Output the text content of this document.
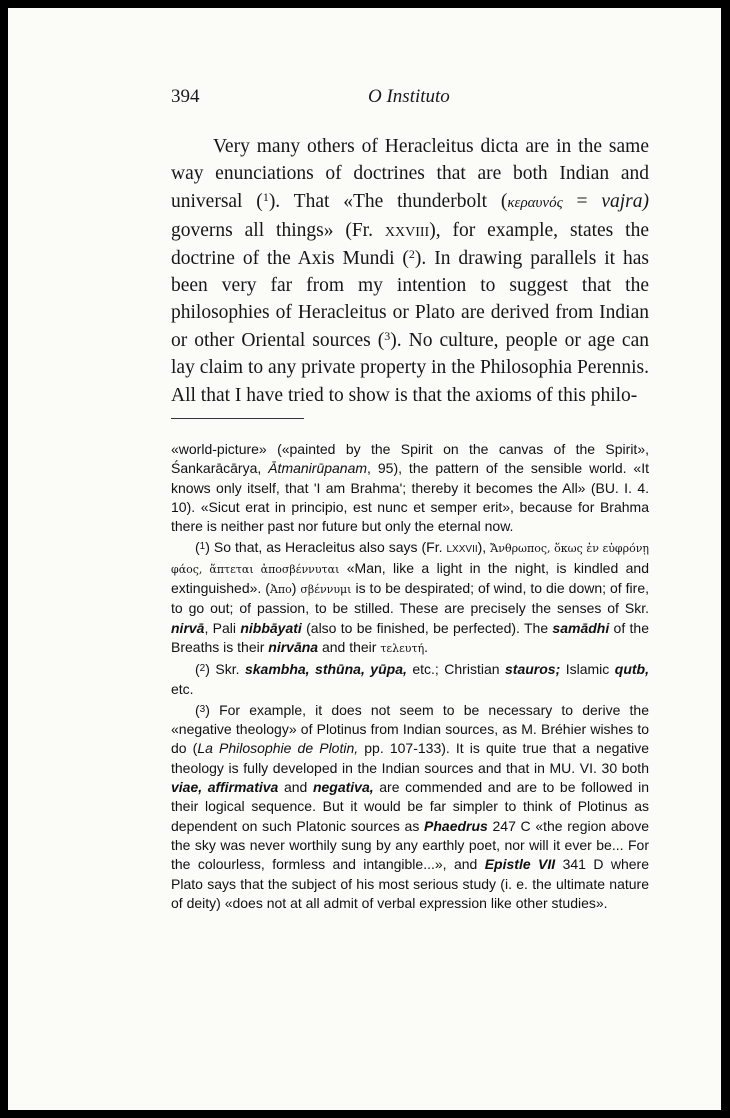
394	O Instituto

Very many others of Heracleitus dicta are in the same way enunciations of doctrines that are both Indian and universal ($^1$). That «The thunderbolt (κεραυνός = vajra) governs all things» (Fr. xxviii), for example, states the doctrine of the Axis Mundi ($^2$). In drawing parallels it has been very far from my intention to suggest that the philosophies of Heracleitus or Plato are derived from Indian or other Oriental sources ($^3$). No culture, people or age can lay claim to any private property in the Philosophia Perennis. All that I have tried to show is that the axioms of this philo-

«world-picture» («painted by the Spirit on the canvas of the Spirit», Śankarācārya, Ātmanirūpanam, 95), the pattern of the sensible world. «It knows only itself, that 'I am Brahma'; thereby it becomes the All» (BU. I. 4. 10). «Sicut erat in principio, est nunc et semper erit», because for Brahma there is neither past nor future but only the eternal now.

($^1$) So that, as Heracleitus also says (Fr. lxxvii), Ἄνθρωπος, ὅκως ἐν εὐφρόνῃ φάος, ἅπτεται ἀποσβέννυται «Man, like a light in the night, is kindled and extinguished». (Ἀπο) σβέννυμι is to be despirated; of wind, to die down; of fire, to go out; of passion, to be stilled. These are precisely the senses of Skr. nirvā, Pali nibbāyati (also to be finished, be perfected). The samādhi of the Breaths is their nirvāna and their τελευτή.

($^2$) Skr. skambha, sthūna, yūpa, etc.; Christian stauros; Islamic qutb, etc.

($^3$) For example, it does not seem to be necessary to derive the «negative theology» of Plotinus from Indian sources, as M. Bréhier wishes to do (La Philosophie de Plotin, pp. 107-133). It is quite true that a negative theology is fully developed in the Indian sources and that in MU. VI. 30 both viae, affirmativa and negativa, are commended and are to be followed in their logical sequence. But it would be far simpler to think of Plotinus as dependent on such Platonic sources as Phaedrus 247 C «the region above the sky was never worthily sung by any earthly poet, nor will it ever be... For the colourless, formless and intangible...», and Epistle VII 341 D where Plato says that the subject of his most serious study (i. e. the ultimate nature of deity) «does not at all admit of verbal expression like other studies».
